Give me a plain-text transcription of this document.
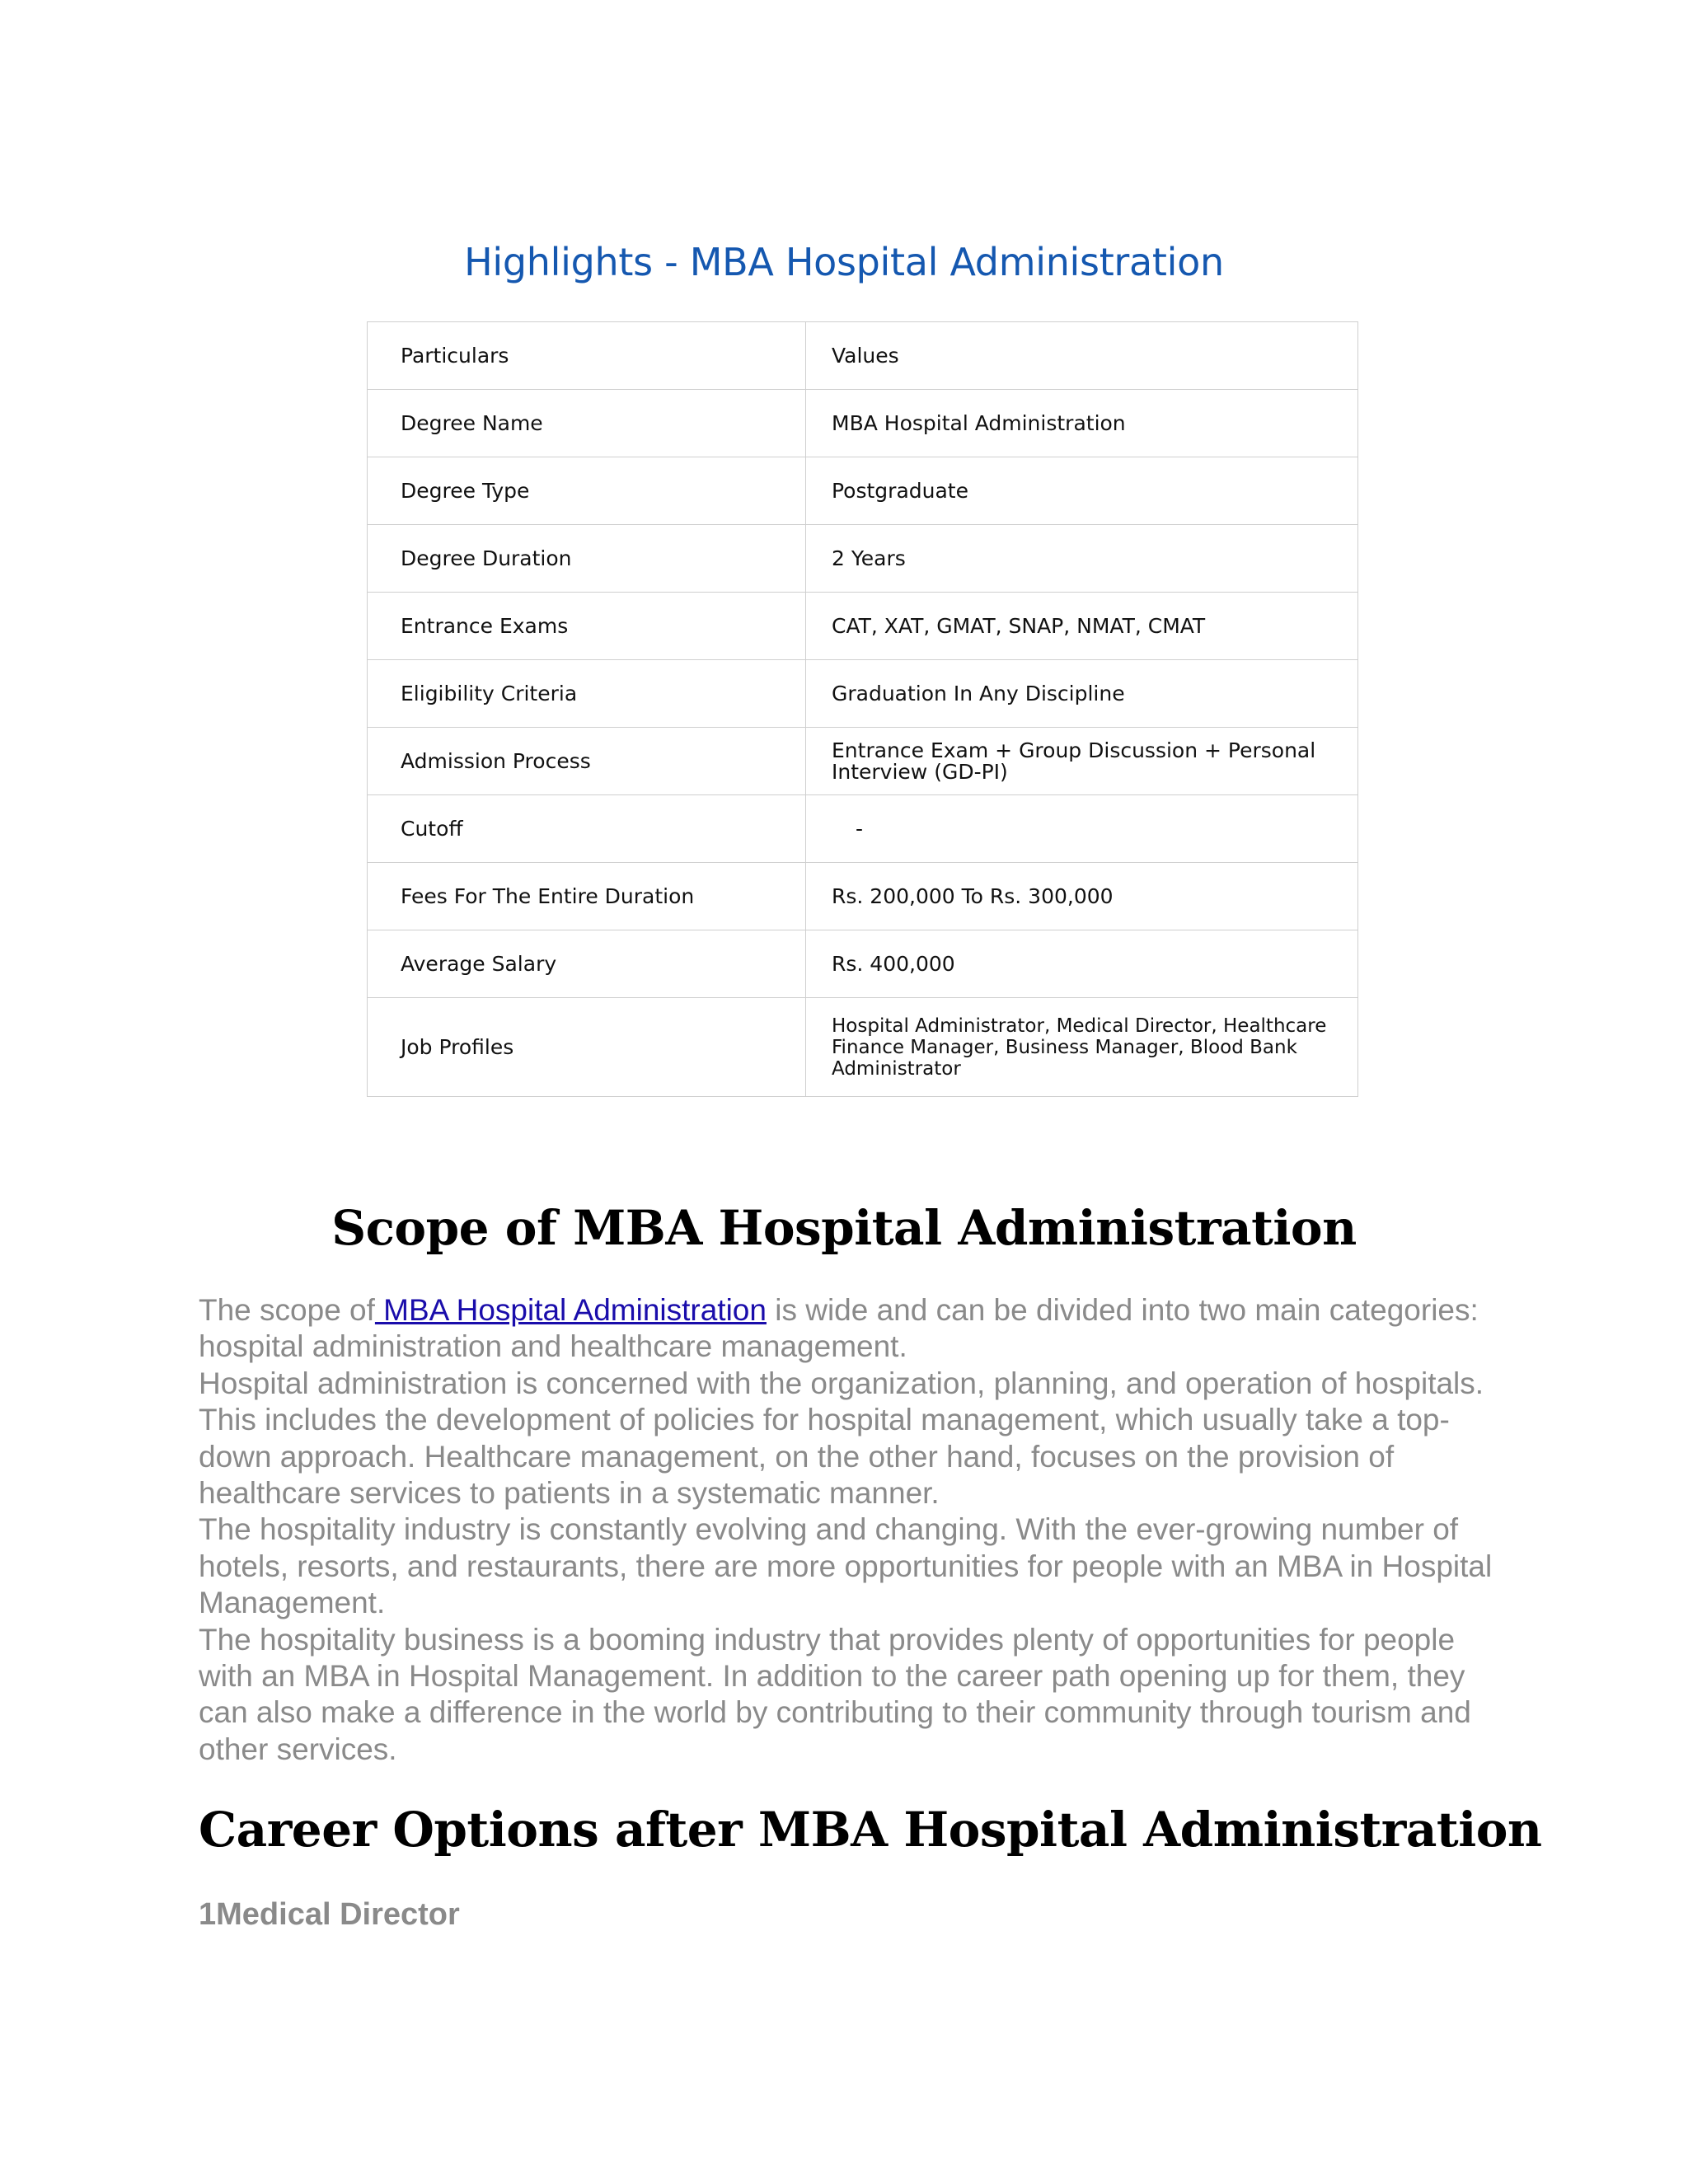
Highlights - MBA Hospital Administration
Particulars	Values
Degree Name	MBA Hospital Administration
Degree Type	Postgraduate
Degree Duration	2 Years
Entrance Exams	CAT, XAT, GMAT, SNAP, NMAT, CMAT
Eligibility Criteria	Graduation In Any Discipline
Admission Process	Entrance Exam + Group Discussion + Personal Interview (GD-PI)
Cutoff	-
Fees For The Entire Duration	Rs. 200,000 To Rs. 300,000
Average Salary	Rs. 400,000
Job Profiles	Hospital Administrator, Medical Director, Healthcare Finance Manager, Business Manager, Blood Bank Administrator
Scope of MBA Hospital Administration

The scope of MBA Hospital Administration is wide and can be divided into two main categories: hospital administration and healthcare management.

Hospital administration is concerned with the organization, planning, and operation of hospitals. This includes the development of policies for hospital management, which usually take a top-down approach. Healthcare management, on the other hand, focuses on the provision of healthcare services to patients in a systematic manner.

The hospitality industry is constantly evolving and changing. With the ever-growing number of hotels, resorts, and restaurants, there are more opportunities for people with an MBA in Hospital Management.

The hospitality business is a booming industry that provides plenty of opportunities for people with an MBA in Hospital Management. In addition to the career path opening up for them, they can also make a difference in the world by contributing to their community through tourism and other services.

Career Options after MBA Hospital Administration
1Medical Director
